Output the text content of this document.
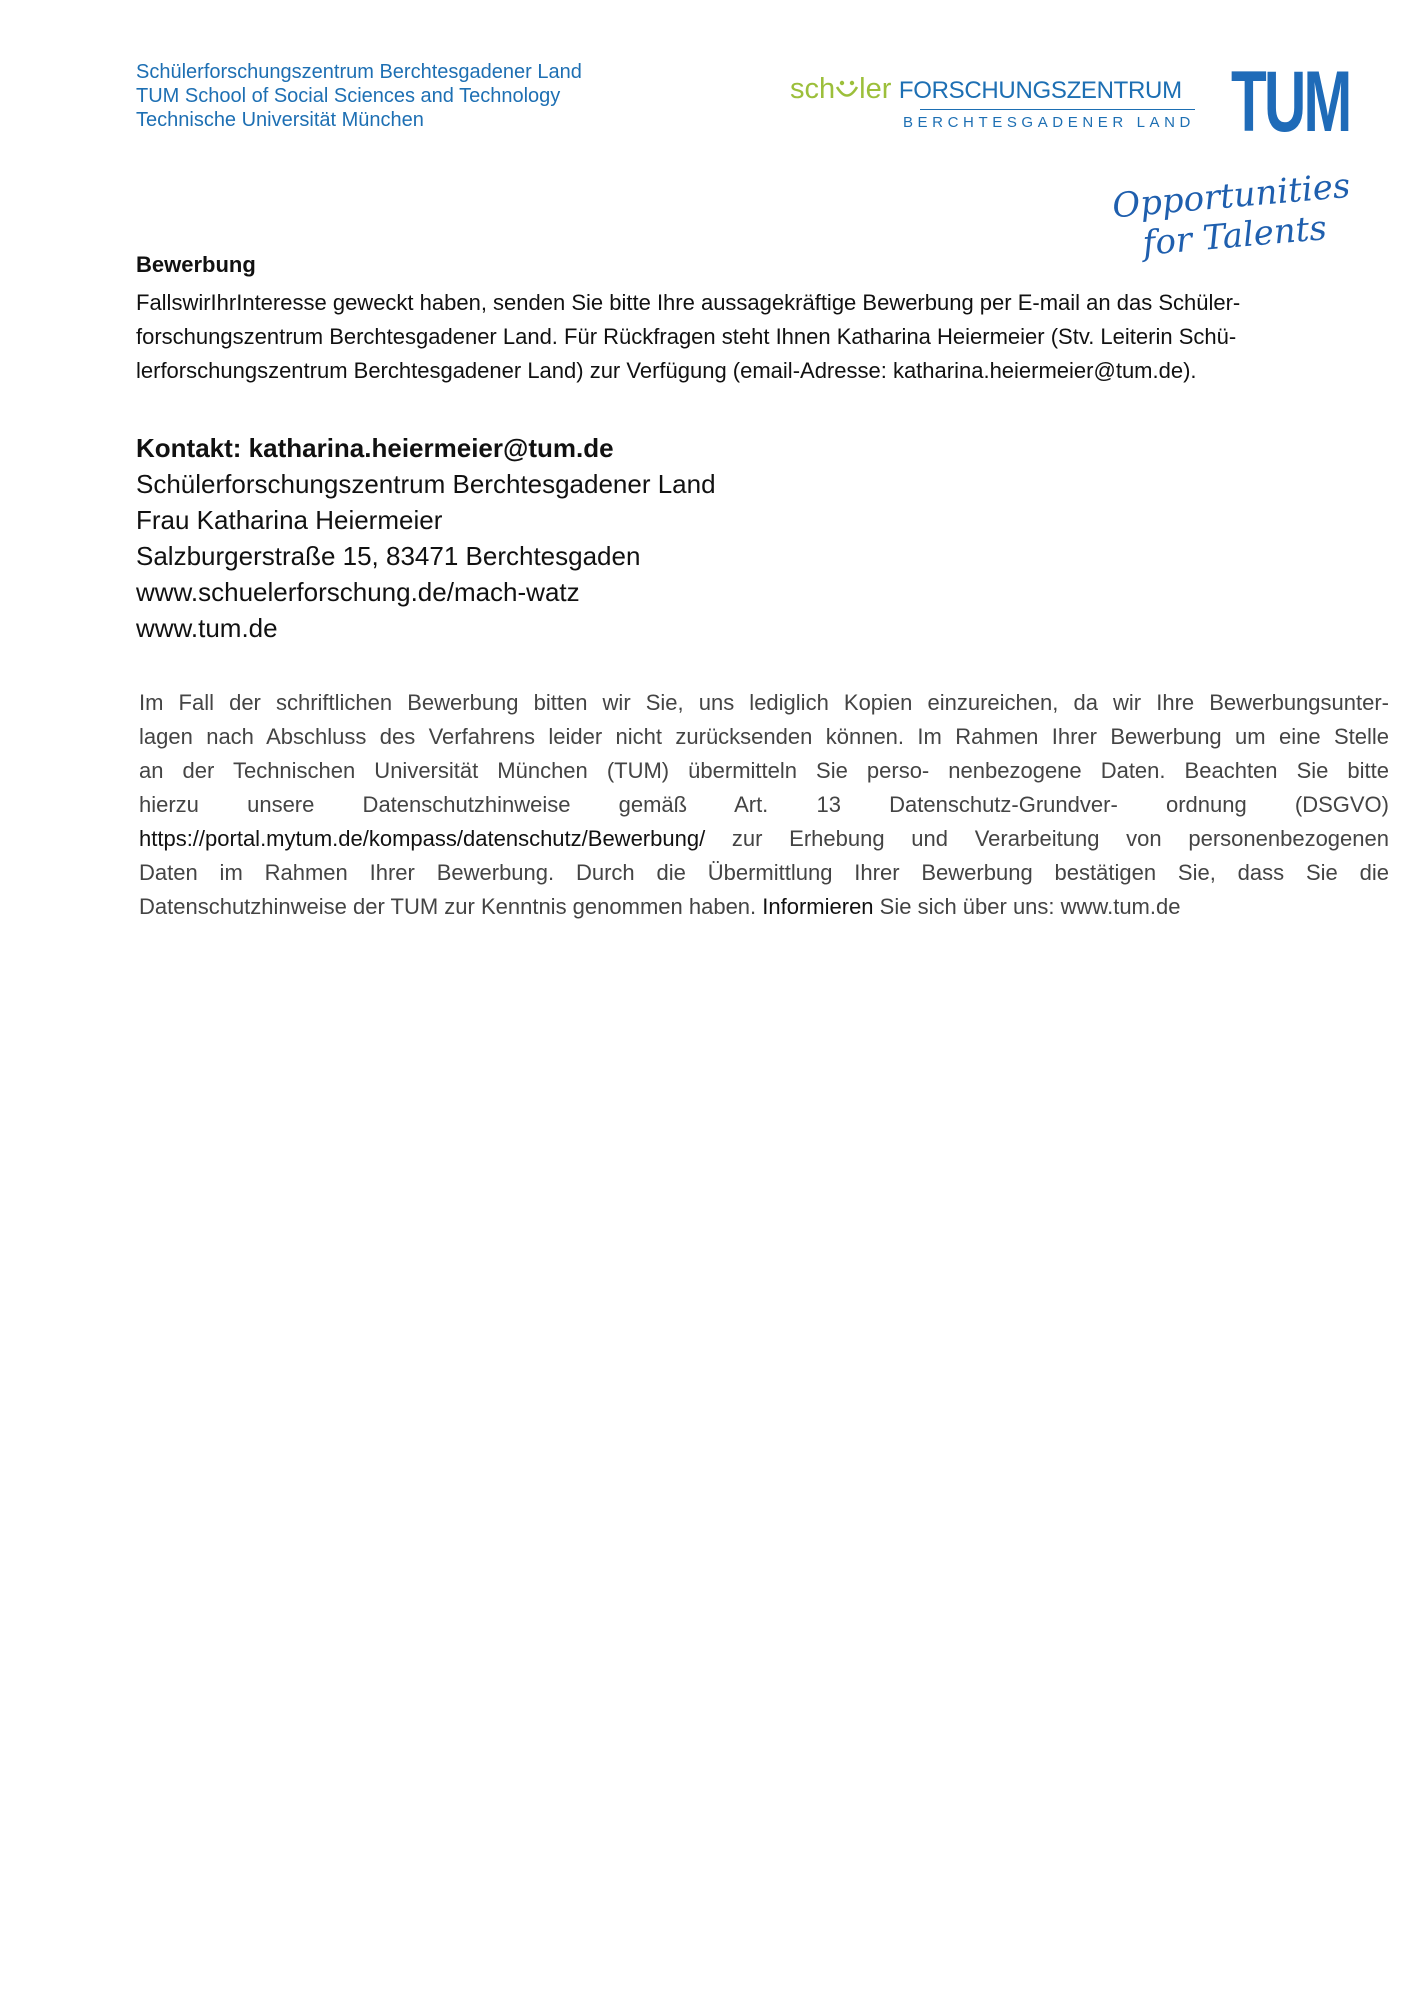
Schülerforschungszentrum Berchtesgadener Land
TUM School of Social Sciences and Technology
Technische Universität München
sch ler FORSCHUNGSZENTRUM
BERCHTESGADENER LAND TUM
Opportunities for Talents
Bewerbung
FallswirIhrInteresse geweckt haben, senden Sie bitte Ihre aussagekräftige Bewerbung per E-mail an das Schüler-
forschungszentrum Berchtesgadener Land. Für Rückfragen steht Ihnen Katharina Heiermeier (Stv. Leiterin Schü-
lerforschungszentrum Berchtesgadener Land) zur Verfügung (email-Adresse: katharina.heiermeier@tum.de).
Kontakt: katharina.heiermeier@tum.de
Schülerforschungszentrum Berchtesgadener Land
Frau Katharina Heiermeier
Salzburgerstraße 15, 83471 Berchtesgaden
www.schuelerforschung.de/mach-watz
www.tum.de
Im Fall der schriftlichen Bewerbung bitten wir Sie, uns lediglich Kopien einzureichen, da wir Ihre Bewerbungsunter-
lagen nach Abschluss des Verfahrens leider nicht zurücksenden können. Im Rahmen Ihrer Bewerbung um eine Stelle
an der Technischen Universität München (TUM) übermitteln Sie perso- nenbezogene Daten. Beachten Sie bitte
hierzu unsere Datenschutzhinweise gemäß Art. 13 Datenschutz-Grundver- ordnung (DSGVO)
https://portal.mytum.de/kompass/datenschutz/Bewerbung/ zur Erhebung und Verarbeitung von personenbezogenen
Daten im Rahmen Ihrer Bewerbung. Durch die Übermittlung Ihrer Bewerbung bestätigen Sie, dass Sie die
Datenschutzhinweise der TUM zur Kenntnis genommen haben. Informieren Sie sich über uns: www.tum.de
